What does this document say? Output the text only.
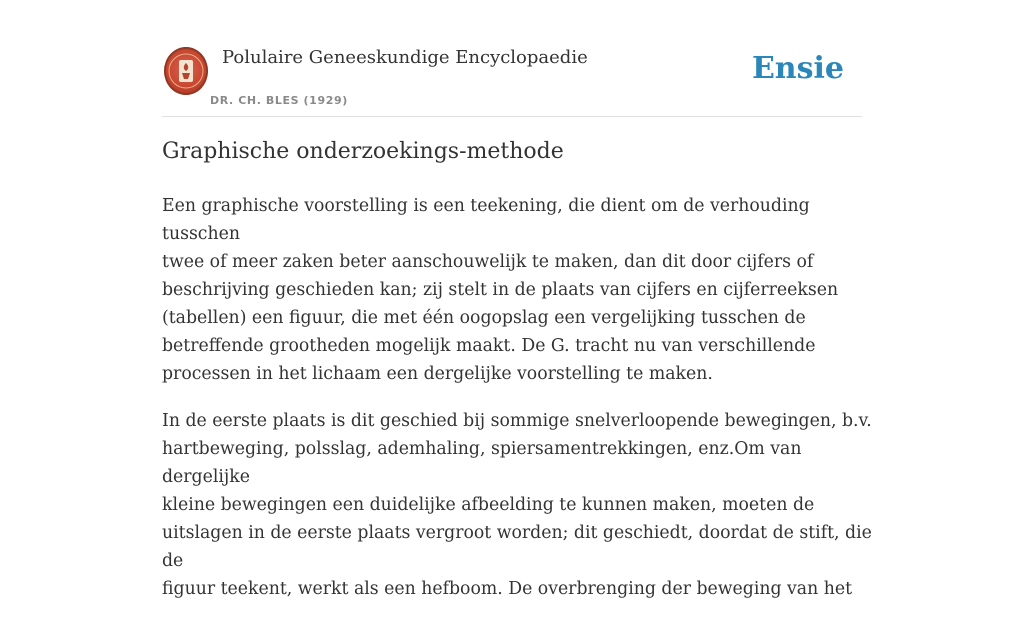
Polulaire Geneeskundige Encyclopaedie
DR. CH. BLES (1929)
Ensie
Graphische onderzoekings-methode

Een graphische voorstelling is een teekening, die dient om de verhouding tusschen
twee of meer zaken beter aanschouwelijk te maken, dan dit door cijfers of
beschrijving geschieden kan; zij stelt in de plaats van cijfers en cijferreeksen
(tabellen) een figuur, die met één oogopslag een vergelijking tusschen de
betreffende grootheden mogelijk maakt. De G. tracht nu van verschillende
processen in het lichaam een dergelijke voorstelling te maken.

In de eerste plaats is dit geschied bij sommige snelverloopende bewegingen, b.v.
hartbeweging, polsslag, ademhaling, spiersamentrekkingen, enz.Om van dergelijke
kleine bewegingen een duidelijke afbeelding te kunnen maken, moeten de
uitslagen in de eerste plaats vergroot worden; dit geschiedt, doordat de stift, die de
figuur teekent, werkt als een hefboom. De overbrenging der beweging van het
